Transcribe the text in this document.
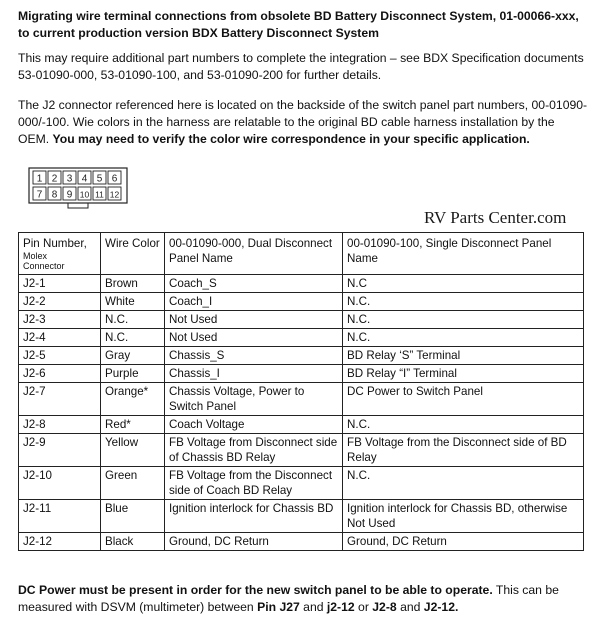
Migrating wire terminal connections from obsolete BD Battery Disconnect System, 01-00066-xxx, to current production version BDX Battery Disconnect System
This may require additional part numbers to complete the integration – see BDX Specification documents 53-01090-000, 53-01090-100, and 53-01090-200 for further details.
The J2 connector referenced here is located on the backside of the switch panel part numbers, 00-01090-000/-100. Wie colors in the harness are relatable to the original BD cable harness installation by the OEM. You may need to verify the color wire correspondence in your specific application.
1 2 3 4 5 6
7 8 9 10 11 12
RV Parts Center.com
Pin Number,
Molex
Connector	Wire Color	00-01090-000, Dual Disconnect Panel Name	00-01090-100, Single Disconnect Panel Name
J2-1	Brown	Coach_S	N.C
J2-2	White	Coach_I	N.C.
J2-3	N.C.	Not Used	N.C.
J2-4	N.C.	Not Used	N.C.
J2-5	Gray	Chassis_S	BD Relay ‘S” Terminal
J2-6	Purple	Chassis_I	BD Relay “I” Terminal
J2-7	Orange*	Chassis Voltage, Power to Switch Panel	DC Power to Switch Panel
J2-8	Red*	Coach Voltage	N.C.
J2-9	Yellow	FB Voltage from Disconnect side of Chassis BD Relay	FB Voltage from the Disconnect side of BD Relay
J2-10	Green	FB Voltage from the Disconnect side of Coach BD Relay	N.C.
J2-11	Blue	Ignition interlock for Chassis BD	Ignition interlock for Chassis BD, otherwise Not Used
J2-12	Black	Ground, DC Return	Ground, DC Return
DC Power must be present in order for the new switch panel to be able to operate. This can be measured with DSVM (multimeter) between Pin J27 and j2-12 or J2-8 and J2-12.
